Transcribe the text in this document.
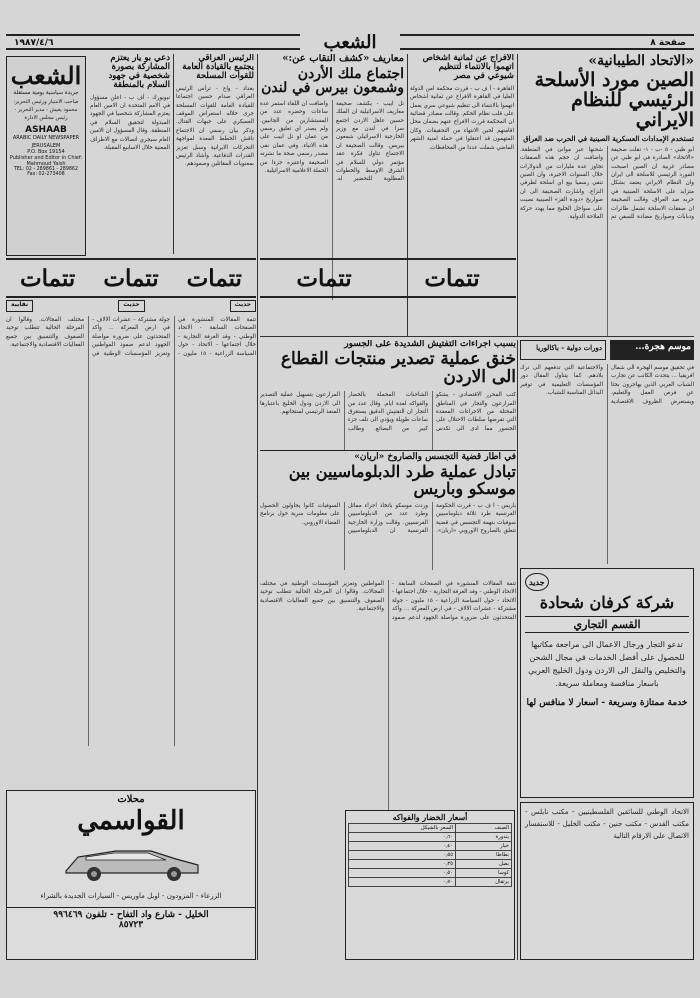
١٩٨٧/٤/٦	صفحة ٨
الشعب
«الاتحاد الطيبانية»
الصين مورد الأسلحة الرئيسي للنظام الايراني
تستخدم الإمدادات العسكرية الصينية في الحرب ضد العراق
ابو ظبي - ٥ -ب - ١- نقلت صحيفة «الاتحاد» الصادرة في ابو ظبي عن مصادر غربية ان الصين اصبحت المورد الرئيسي للاسلحة الى ايران وان النظام الايراني يعتمد بشكل متزايد على الاسلحة الصينية في حربه ضد العراق. وقالت الصحيفة ان صفقات الاسلحة تشمل طائرات ودبابات وصواريخ مضادة للسفن تم شحنها عبر موانئ في المنطقة. واضافت ان حجم هذه الصفقات تجاوز عدة مليارات من الدولارات خلال السنوات الاخيرة، وان الصين تنفي رسميا بيع اي اسلحة لطرفي النزاع. واشارت الصحيفة الى ان صواريخ «دودة القز» الصينية نصبت على سواحل الخليج مما يهدد حركة الملاحة الدولية.
الأفراج عن ثمانية اشخاص اتهموا بالانتماء لتنظيم شيوعي في مصر
القاهرة - أ ف ب - قررت محكمة امن الدولة العليا في القاهرة الافراج عن ثمانية اشخاص اتهموا بالانتماء الى تنظيم شيوعي سري يعمل على قلب نظام الحكم. وقالت مصادر قضائية ان المحكمة قررت الافراج عنهم بضمان محل اقامتهم لحين الانتهاء من التحقيقات. وكان المتهمون قد اعتقلوا في حملة امنية الشهر الماضي شملت عددا من المحافظات.
معاريف «كشف النقاب عن:»
اجتماع ملك الأردن وشمعون بيرس في لندن
تل ابيب - يكشف صحيفة معاريف الاسرائيلية ان الملك حسين عاهل الاردن اجتمع سرا في لندن مع وزير الخارجية الاسرائيلي شمعون بيريس. وقالت الصحيفة ان الاجتماع تناول فكرة عقد مؤتمر دولي للسلام في الشرق الاوسط والخطوات المطلوبة للتحضير له. واضافت ان اللقاء استمر عدة ساعات وحضره عدد من المستشارين من الجانبين. ولم يصدر اي تعليق رسمي من عمان او تل ابيب على هذه الانباء. وفي عمان نفى مصدر رسمي صحة ما نشرته الصحيفة واعتبره جزءا من الحملة الاعلامية الاسرائيلية.
الرئيس العراقي يجتمع بالقيادة العامة للقوات المسلحة
بغداد - واع - ترأس الرئيس العراقي صدام حسين اجتماعا للقيادة العامة للقوات المسلحة جرى خلاله استعراض الموقف العسكري على جبهات القتال. وذكر بيان رسمي ان الاجتماع ناقش الخطط المعدة لمواجهة التحركات الايرانية وسبل تعزيز القدرات الدفاعية. وأشاد الرئيس بمعنويات المقاتلين وصمودهم.
دعي بو يار يعتزم المشاركة بصورة شخصية في جهود السلام بالمنطقة
نيويورك - أف ب - اعلن مسؤول في الامم المتحدة ان الامين العام يعتزم المشاركة شخصيا في الجهود المبذولة لتحقيق السلام في المنطقة. وقال المسؤول ان الامين العام سيجري اتصالات مع الاطراف المعنية خلال الاسابيع المقبلة.
الشعب
جريدة سياسية يومية مستقلة
صاحب الامتياز ورئيس التحرير: محمود يعيش - مدير التحرير - رئيس مجلس الادارة
ASHAAB
ARABIC DAILY NEWSPAPER
JERUSALEM
P.O. Box 19154
Publisher and Editor in Chief: Mahmoud Yaish
TEL: 02 - 289861 - 289862 Fax: 02-273408
تتمات تتمات تتمات تتمات	تتمات
حديث
حديث
نقابية
تتمة المقالات المنشورة في الصفحات السابقة - الاتحاد الوطني - وفد الغرفة التجارية - خلال اجتماعها - الاتحاد - حول السياسة الزراعية - ١٥ مليون - جولة مشتركة - عشرات الالاف - في ارض المعركة ... وأكد المتحدثون على ضرورة مواصلة الجهود لدعم صمود المواطنين وتعزيز المؤسسات الوطنية في مختلف المجالات. وقالوا ان المرحلة الحالية تتطلب توحيد الصفوف والتنسيق بين جميع الفعاليات الاقتصادية والاجتماعية.
تتمة المقالات المنشورة في الصفحات السابقة - الاتحاد الوطني - وفد الغرفة التجارية - خلال اجتماعها - الاتحاد - حول السياسة الزراعية - ١٥ مليون - جولة مشتركة - عشرات الالاف - في ارض المعركة ... وأكد المتحدثون على ضرورة مواصلة الجهود لدعم صمود المواطنين وتعزيز المؤسسات الوطنية في مختلف المجالات. وقالوا ان المرحلة الحالية تتطلب توحيد الصفوف والتنسيق بين جميع الفعاليات الاقتصادية والاجتماعية.
بسبب اجراءات التفتيش الشديدة على الجسور
خنق عملية تصدير منتجات القطاع الى الاردن
كتب المحرر الاقتصادي - يشكو المزارعون والتجار في المناطق المحتلة من الاجراءات المعقدة التي تفرضها سلطات الاحتلال على الجسور مما ادى الى تكدس الشاحنات المحملة بالخضار والفواكه لعدة ايام. وقال عدد من التجار ان التفتيش الدقيق يستغرق ساعات طويلة ويؤدي الى تلف جزء كبير من البضائع. وطالب المزارعون بتسهيل عملية التصدير الى الاردن ودول الخليج باعتبارها المنفذ الرئيسي لمنتجاتهم.
في اطار قضية التجسس والصاروخ «اريان»
تبادل عملية طرد الدبلوماسيين بين موسكو وباريس
باريس - ا ف ب - قررت الحكومة الفرنسية طرد ثلاثة دبلوماسيين سوفيات بتهمة التجسس في قضية تتعلق بالصاروخ الاوروبي «اريان». وردت موسكو باتخاذ اجراء مماثل وطرد عدد من الدبلوماسيين الفرنسيين. وقالت وزارة الخارجية الفرنسية ان الدبلوماسيين السوفيات كانوا يحاولون الحصول على معلومات سرية حول برنامج الفضاء الاوروبي.
أسعار الخضار والفواكه
الصنف	السعر بالشيكل
بندورة	٠٫٦٠
خيار	٠٫٤٠
بطاطا	٠٫٥٥
بصل	٠٫٣٥
كوسا	٠٫٥٠
برتقال	٠٫٧٠
محلات
القواسمي
الزرعاء - المزودون - اوبل ماوريس - السيارات الجديدة بالشراء
الخليل - شارع واد التفاح - تلفون ٩٩٦٤٦٩
٨٥٧٢٣
موسم هجرة...
دورات دولية - باكالوريا
في تحقيق موسم الهجرة الى شمال افريقيا ... يتحدث الكاتب عن تجارب الشباب العربي الذين يهاجرون بحثا عن فرص العمل والتعليم، ويستعرض الظروف الاقتصادية والاجتماعية التي تدفعهم الى ترك بلادهم. كما يتناول المقال دور المؤسسات التعليمية في توفير البدائل المناسبة للشباب.
جديد
شركة كرفان شحادة
القسم التجاري
تدعو التجار ورجال الاعمال الى مراجعة مكاتبها للحصول على أفضل الخدمات في مجال الشحن والتخليص والنقل الى الاردن ودول الخليج العربي باسعار منافسة ومعاملة سريعة.
خدمة ممتازة وسريعة - اسعار لا منافس لها
الاتحاد الوطني للسائقين الفلسطينيين - مكتب نابلس - مكتب القدس - مكتب جنين - مكتب الخليل - للاستفسار الاتصال على الارقام التالية
